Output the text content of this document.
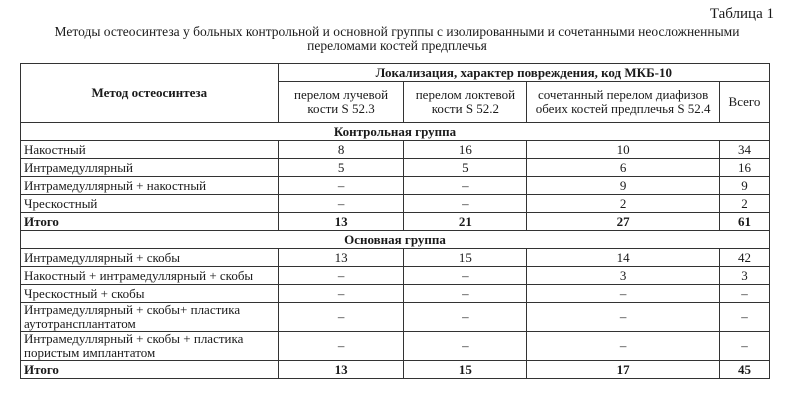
Таблица 1
Методы остеосинтеза у больных контрольной и основной группы с изолированными и сочетанными неосложненными переломами костей предплечья
Метод остеосинтеза	Локализация, характер повреждения, код МКБ-10			
	перелом лучевой кости S 52.3	перелом локтевой кости S 52.2	сочетанный перелом диафизов обеих костей предплечья S 52.4	Всего
Контрольная группа				
Накостный	8	16	10	34
Интрамедуллярный	5	5	6	16
Интрамедуллярный + накостный	–	–	9	9
Чрескостный	–	–	2	2
Итого	13	21	27	61
Основная группа				
Интрамедуллярный + скобы	13	15	14	42
Накостный + интрамедуллярный + скобы	–	–	3	3
Чрескостный + скобы	–	–	–	–
Интрамедуллярный + скобы+ пластика аутотрансплантатом	–	–	–	–
Интрамедуллярный + скобы + пластика пористым имплантатом	–	–	–	–
Итого	13	15	17	45
